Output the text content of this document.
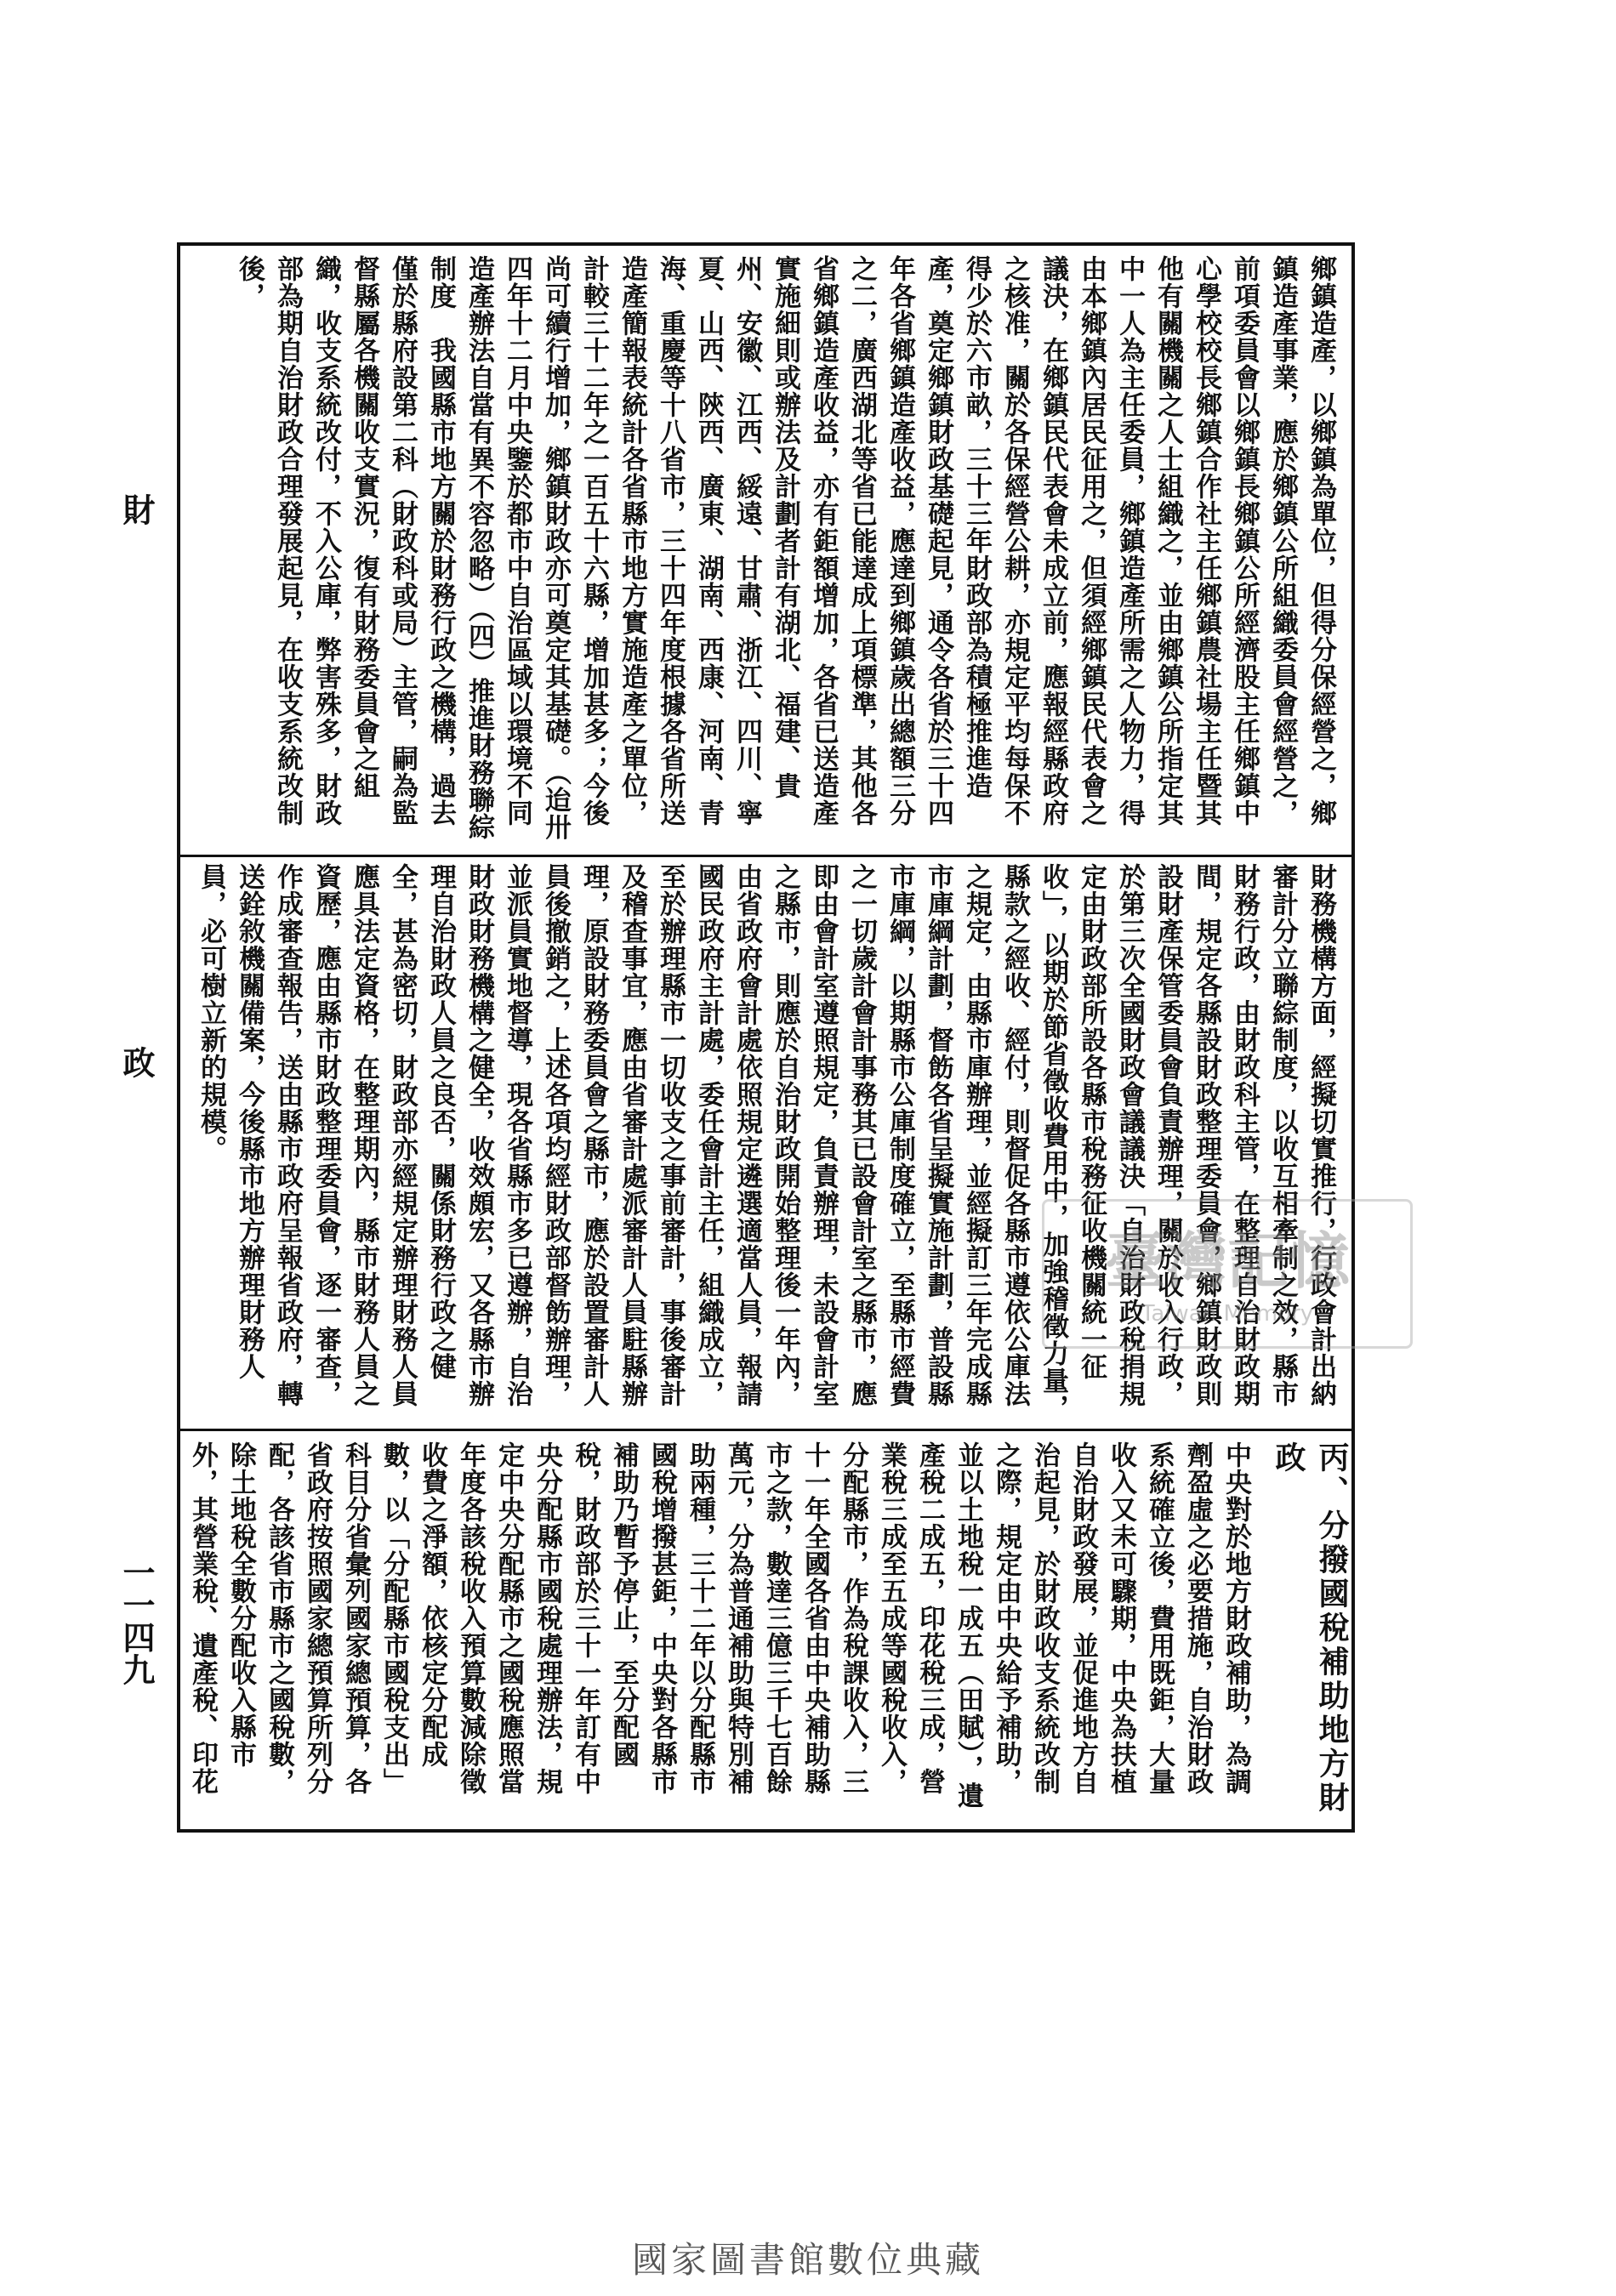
財
政
一一四九
鄉鎮造產，以鄉鎮為單位，但得分保經營之，鄉鎮造產事業，應於鄉鎮公所組織委員會經營之，前項委員會以鄉鎮長鄉鎮公所經濟股主任鄉鎮中心學校校長鄉鎮合作社主任鄉鎮農社場主任暨其他有關機關之人士組織之，並由鄉鎮公所指定其中一人為主任委員，鄉鎮造產所需之人物力，得由本鄉鎮內居民征用之，但須經鄉鎮民代表會之議決，在鄉鎮民代表會未成立前，應報經縣政府之核准，關於各保經營公耕，亦規定平均每保不得少於六市畝，三十三年財政部為積極推進造產，奠定鄉鎮財政基礎起見，通令各省於三十四年各省鄉鎮造產收益，應達到鄉鎮歲出總額三分之二，廣西湖北等省已能達成上項標準，其他各省鄉鎮造產收益，亦有鉅額增加，各省已送造產實施細則或辦法及計劃者計有湖北、福建、貴州、安徽、江西、綏遠、甘肅、浙江、四川、寧夏、山西、陝西、廣東、湖南、西康、河南、青海、重慶等十八省市，三十四年度根據各省所送造產簡報表統計各省縣市地方實施造產之單位，計較三十二年之一百五十六縣，增加甚多；今後尚可續行增加，鄉鎮財政亦可奠定其基礎。（迨卅四年十二月中央鑒於都市中自治區域以環境不同造產辦法自當有異不容忽略）（四）推進財務聯綜制度　我國縣市地方關於財務行政之機構，過去僅於縣府設第二科（財政科或局）主管，嗣為監督縣屬各機關收支實況，復有財務委員會之組織，收支系統改付，不入公庫，弊害殊多，財政部為期自治財政合理發展起見，在收支系統改制後，
財務機構方面，經擬切實推行，行政會計出納審計分立聯綜制度，以收互相牽制之效，縣市財務行政，由財政科主管，在整理自治財政期間，規定各縣設財政整理委員會，鄉鎮財政則設財產保管委員會負責辦理，關於收入行政，於第三次全國財政會議議決「自治財政稅捐規定由財政部所設各縣市稅務征收機關統一征收」，以期於節省徵收費用中，加強稽徵力量，縣款之經收、經付，則督促各縣市遵依公庫法之規定，由縣市庫辦理，並經擬訂三年完成縣市庫綱計劃，督飭各省呈擬實施計劃，普設縣市庫綱，以期縣市公庫制度確立，至縣市經費之一切歲計會計事務其已設會計室之縣市，應即由會計室遵照規定，負責辦理，未設會計室之縣市，則應於自治財政開始整理後一年內，由省政府會計處依照規定遴選適當人員，報請國民政府主計處，委任會計主任，組織成立，至於辦理縣市一切收支之事前審計，事後審計及稽查事宜，應由省審計處派審計人員駐縣辦理，原設財務委員會之縣市，應於設置審計人員後撤銷之，上述各項均經財政部督飭辦理，並派員實地督導，現各省縣市多已遵辦，自治財政財務機構之健全，收效頗宏，又各縣市辦理自治財政人員之良否，關係財務行政之健全，甚為密切，財政部亦經規定辦理財務人員應具法定資格，在整理期內，縣市財務人員之資歷，應由縣市財政整理委員會，逐一審查，作成審查報告，送由縣市政府呈報省政府，轉送銓敘機關備案，今後縣市地方辦理財務人員，必可樹立新的規模。
丙、分撥國稅補助地方財政
中央對於地方財政補助，為調劑盈虛之必要措施，自治財政系統確立後，費用既鉅，大量收入又未可驟期，中央為扶植自治財政發展，並促進地方自治起見，於財政收支系統改制之際，規定由中央給予補助，並以土地稅一成五（田賦），遺產稅二成五，印花稅三成，營業稅三成至五成等國稅收入，分配縣市，作為稅課收入，三十一年全國各省由中央補助縣市之款，數達三億三千七百餘萬元，分為普通補助與特別補助兩種，三十二年以分配縣市國稅增撥甚鉅，中央對各縣市補助乃暫予停止，至分配國稅，財政部於三十一年訂有中央分配縣市國稅處理辦法，規定中央分配縣市之國稅應照當年度各該稅收入預算數減除徵收費之淨額，依核定分配成數，以「分配縣市國稅支出」科目分省彙列國家總預算，各省政府按照國家總預算所列分配，各該省市縣市之國稅數，除土地稅全數分配收入縣市外，其營業稅、遺產稅、印花
臺灣記憶
Taiwan Memory
國家圖書館數位典藏
